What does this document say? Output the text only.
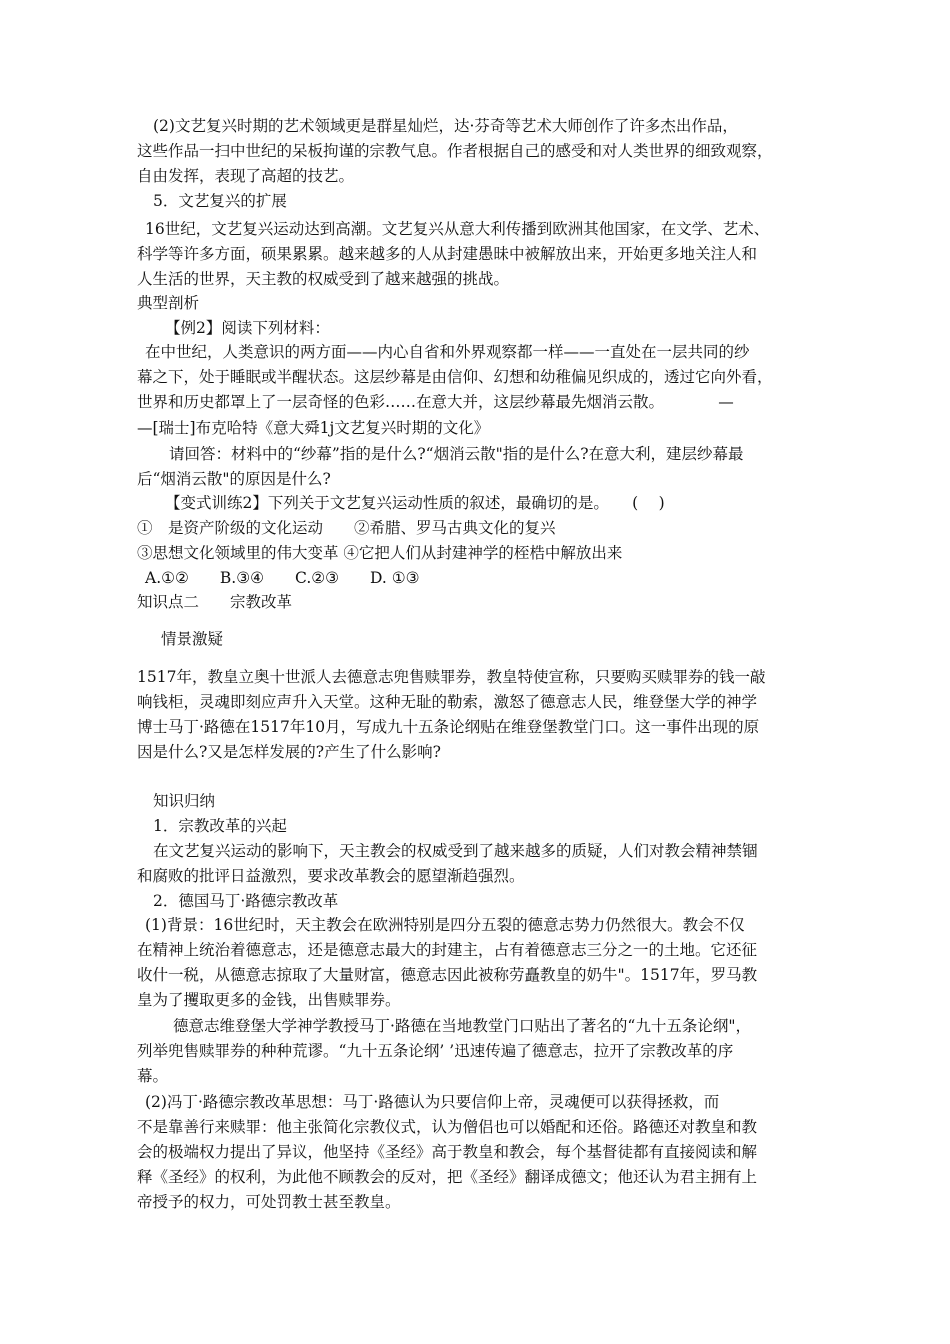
(2)文艺复兴时期的艺术领域更是群星灿烂，达·芬奇等艺术大师创作了许多杰出作品，
这些作品一扫中世纪的呆板拘谨的宗教气息。作者根据自己的感受和对人类世界的细致观察，
自由发挥，表现了高超的技艺。
5．文艺复兴的扩展
16世纪，文艺复兴运动达到高潮。文艺复兴从意大利传播到欧洲其他国家，在文学、艺术、
科学等许多方面，硕果累累。越来越多的人从封建愚昧中被解放出来，开始更多地关注人和
人生活的世界，天主教的权威受到了越来越强的挑战。
典型剖析
【例2】阅读下列材料：
在中世纪，人类意识的两方面——内心自省和外界观察都一样——一直处在一层共同的纱
幕之下，处于睡眠或半醒状态。这层纱幕是由信仰、幻想和幼稚偏见织成的，透过它向外看，
世界和历史都罩上了一层奇怪的色彩……在意大并，这层纱幕最先烟消云散。　　　　—
—[瑞士]布克哈特《意大舜1j文艺复兴时期的文化》
请回答：材料中的“纱幕”指的是什么?“烟消云散"指的是什么?在意大利，建层纱幕最
后“烟消云散"的原因是什么?
【变式训练2】下列关于文艺复兴运动性质的叙述，最确切的是。　　( 　)
①　是资产阶级的文化运动　　②希腊、罗马古典文化的复兴
③思想文化领域里的伟大变革 ④它把人们从封建神学的桎梏中解放出来
A.①②　　B.③④　　C.②③　　D. ①③
知识点二　　宗教改革
情景激疑
1517年，教皇立奥十世派人去德意志兜售赎罪券，教皇特使宣称，只要购买赎罪券的钱一敲
响钱柜，灵魂即刻应声升入天堂。这种无耻的勒索，激怒了德意志人民，维登堡大学的神学
博士马丁·路德在1517年10月，写成九十五条论纲贴在维登堡教堂门口。这一事件出现的原
因是什么?又是怎样发展的?产生了什么影响?
知识归纳
1．宗教改革的兴起
在文艺复兴运动的影响下，天主教会的权威受到了越来越多的质疑，人们对教会精神禁锢
和腐败的批评日益激烈，要求改革教会的愿望渐趋强烈。
2．德国马丁·路德宗教改革
(1)背景：16世纪时，天主教会在欧洲特别是四分五裂的德意志势力仍然很大。教会不仅
在精神上统治着德意志，还是德意志最大的封建主，占有着德意志三分之一的土地。它还征
收什一税，从德意志掠取了大量财富，德意志因此被称劳矗教皇的奶牛"。1517年，罗马教
皇为了攫取更多的金钱，出售赎罪券。
德意志维登堡大学神学教授马丁·路德在当地教堂门口贴出了著名的“九十五条论纲"，
列举兜售赎罪券的种种荒谬。“九十五条论纲’ ’迅速传遍了德意志，拉开了宗教改革的序
幕。
(2)冯丁·路德宗教改革思想：马丁·路德认为只要信仰上帝，灵魂便可以获得拯救，而
不是靠善行来赎罪：他主张简化宗教仪式，认为僧侣也可以婚配和还俗。路德还对教皇和教
会的极端权力提出了异议，他坚持《圣经》高于教皇和教会，每个基督徒都有直接阅读和解
释《圣经》的权利，为此他不顾教会的反对，把《圣经》翻译成德文；他还认为君主拥有上
帝授予的权力，可处罚教士甚至教皇。
